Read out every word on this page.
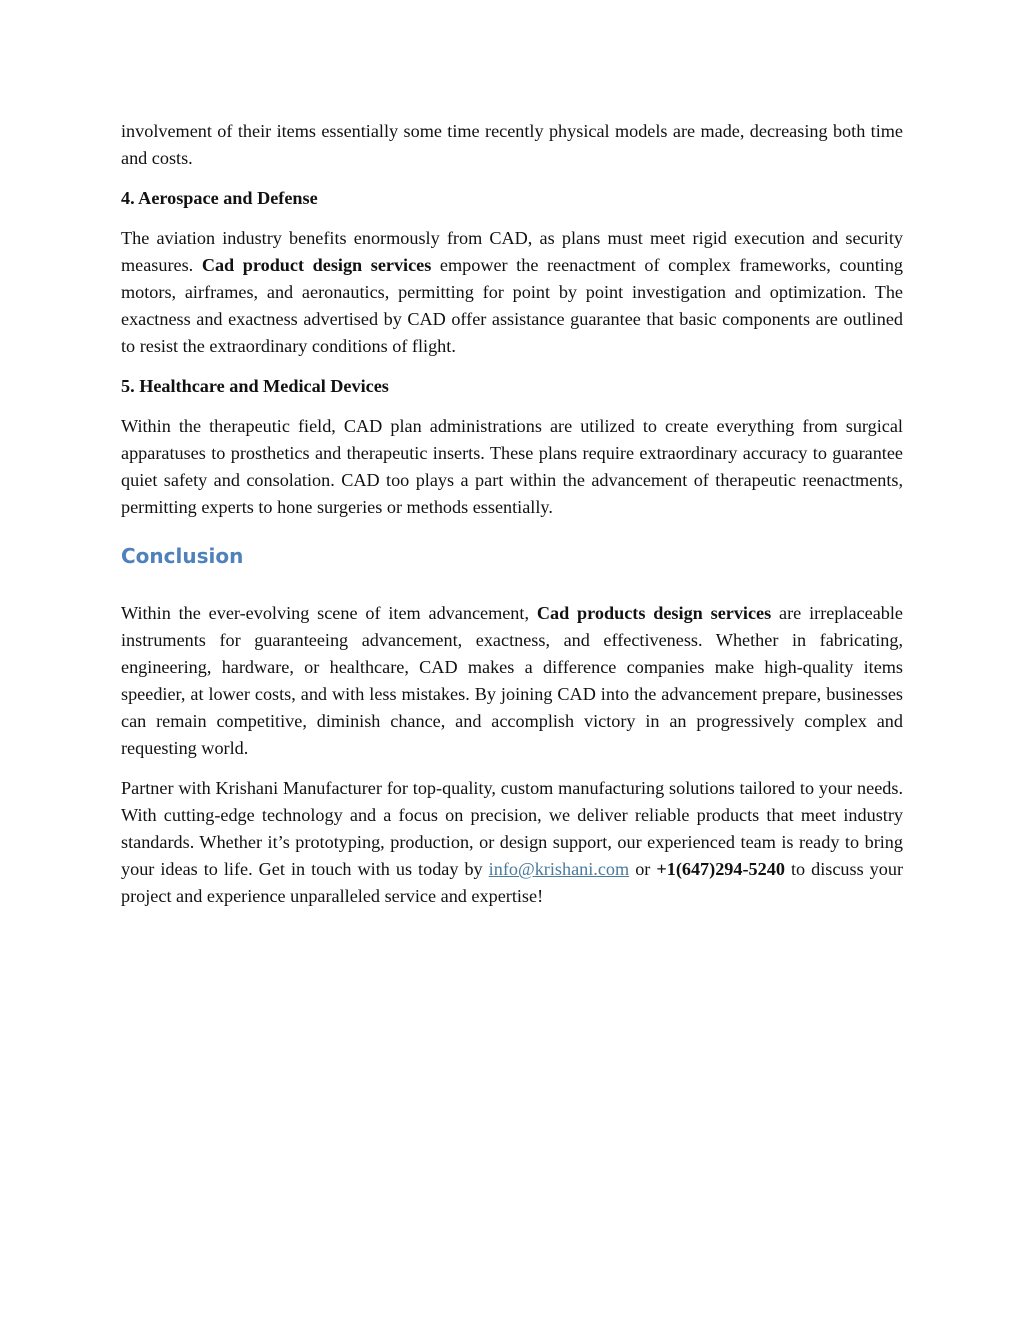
involvement of their items essentially some time recently physical models are made, decreasing both time and costs.

4. Aerospace and Defense

The aviation industry benefits enormously from CAD, as plans must meet rigid execution and security measures. Cad product design services empower the reenactment of complex frameworks, counting motors, airframes, and aeronautics, permitting for point by point investigation and optimization. The exactness and exactness advertised by CAD offer assistance guarantee that basic components are outlined to resist the extraordinary conditions of flight.

5. Healthcare and Medical Devices

Within the therapeutic field, CAD plan administrations are utilized to create everything from surgical apparatuses to prosthetics and therapeutic inserts. These plans require extraordinary accuracy to guarantee quiet safety and consolation. CAD too plays a part within the advancement of therapeutic reenactments, permitting experts to hone surgeries or methods essentially.

Conclusion

Within the ever-evolving scene of item advancement, Cad products design services are irreplaceable instruments for guaranteeing advancement, exactness, and effectiveness. Whether in fabricating, engineering, hardware, or healthcare, CAD makes a difference companies make high-quality items speedier, at lower costs, and with less mistakes. By joining CAD into the advancement prepare, businesses can remain competitive, diminish chance, and accomplish victory in an progressively complex and requesting world.

Partner with Krishani Manufacturer for top-quality, custom manufacturing solutions tailored to your needs. With cutting-edge technology and a focus on precision, we deliver reliable products that meet industry standards. Whether it’s prototyping, production, or design support, our experienced team is ready to bring your ideas to life. Get in touch with us today by info@krishani.com or +1(647)294-5240 to discuss your project and experience unparalleled service and expertise!
